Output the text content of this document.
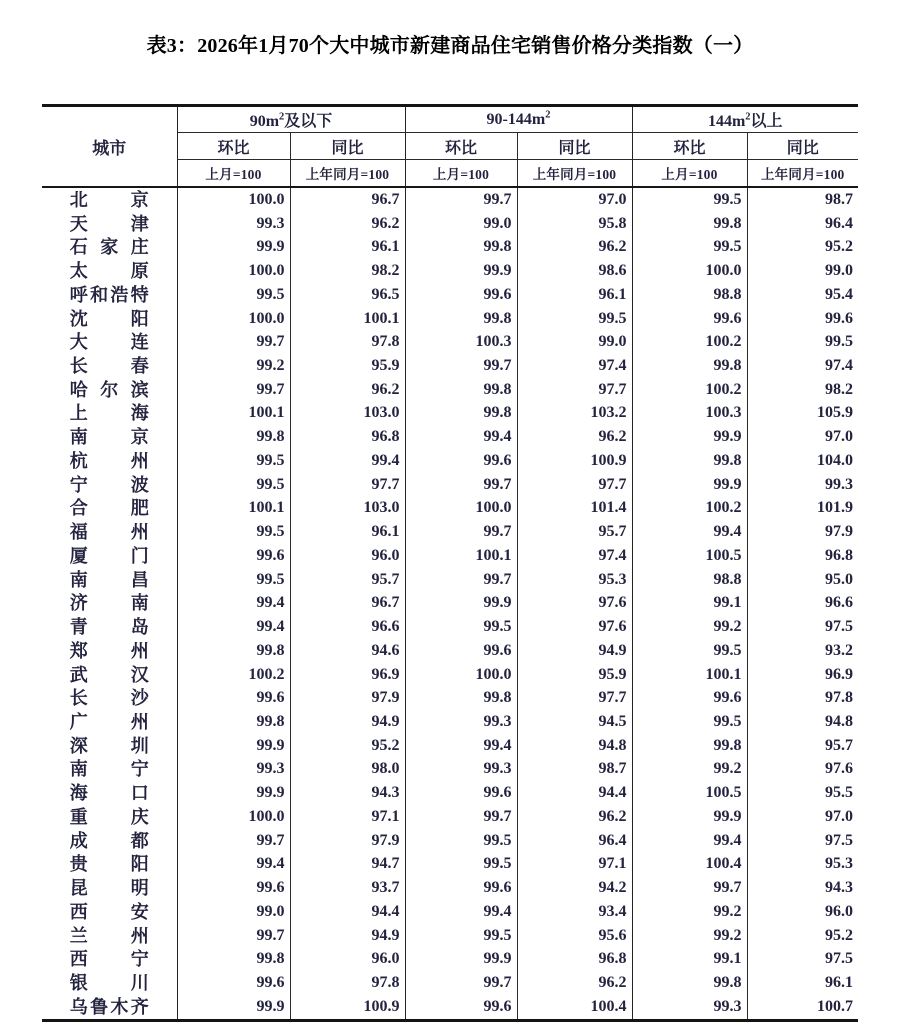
表3：2026年1月70个大中城市新建商品住宅销售价格分类指数（一）
城市	$90m^2$及以下		$90-144m^2$		$144m^2$以上	
	环比	同比	环比	同比	环比	同比
	上月=100	上年同月=100	上月=100	上年同月=100	上月=100	上年同月=100

北京	100.0	96.7	99.7	97.0	99.5	98.7

天津	99.3	96.2	99.0	95.8	99.8	96.4

石家庄	99.9	96.1	99.8	96.2	99.5	95.2

太原	100.0	98.2	99.9	98.6	100.0	99.0

呼和浩特	99.5	96.5	99.6	96.1	98.8	95.4

沈阳	100.0	100.1	99.8	99.5	99.6	99.6

大连	99.7	97.8	100.3	99.0	100.2	99.5

长春	99.2	95.9	99.7	97.4	99.8	97.4

哈尔滨	99.7	96.2	99.8	97.7	100.2	98.2

上海	100.1	103.0	99.8	103.2	100.3	105.9

南京	99.8	96.8	99.4	96.2	99.9	97.0

杭州	99.5	99.4	99.6	100.9	99.8	104.0

宁波	99.5	97.7	99.7	97.7	99.9	99.3

合肥	100.1	103.0	100.0	101.4	100.2	101.9

福州	99.5	96.1	99.7	95.7	99.4	97.9

厦门	99.6	96.0	100.1	97.4	100.5	96.8

南昌	99.5	95.7	99.7	95.3	98.8	95.0

济南	99.4	96.7	99.9	97.6	99.1	96.6

青岛	99.4	96.6	99.5	97.6	99.2	97.5

郑州	99.8	94.6	99.6	94.9	99.5	93.2

武汉	100.2	96.9	100.0	95.9	100.1	96.9

长沙	99.6	97.9	99.8	97.7	99.6	97.8

广州	99.8	94.9	99.3	94.5	99.5	94.8

深圳	99.9	95.2	99.4	94.8	99.8	95.7

南宁	99.3	98.0	99.3	98.7	99.2	97.6

海口	99.9	94.3	99.6	94.4	100.5	95.5

重庆	100.0	97.1	99.7	96.2	99.9	97.0

成都	99.7	97.9	99.5	96.4	99.4	97.5

贵阳	99.4	94.7	99.5	97.1	100.4	95.3

昆明	99.6	93.7	99.6	94.2	99.7	94.3

西安	99.0	94.4	99.4	93.4	99.2	96.0

兰州	99.7	94.9	99.5	95.6	99.2	95.2

西宁	99.8	96.0	99.9	96.8	99.1	97.5

银川	99.6	97.8	99.7	96.2	99.8	96.1

乌鲁木齐	99.9	100.9	99.6	100.4	99.3	100.7
